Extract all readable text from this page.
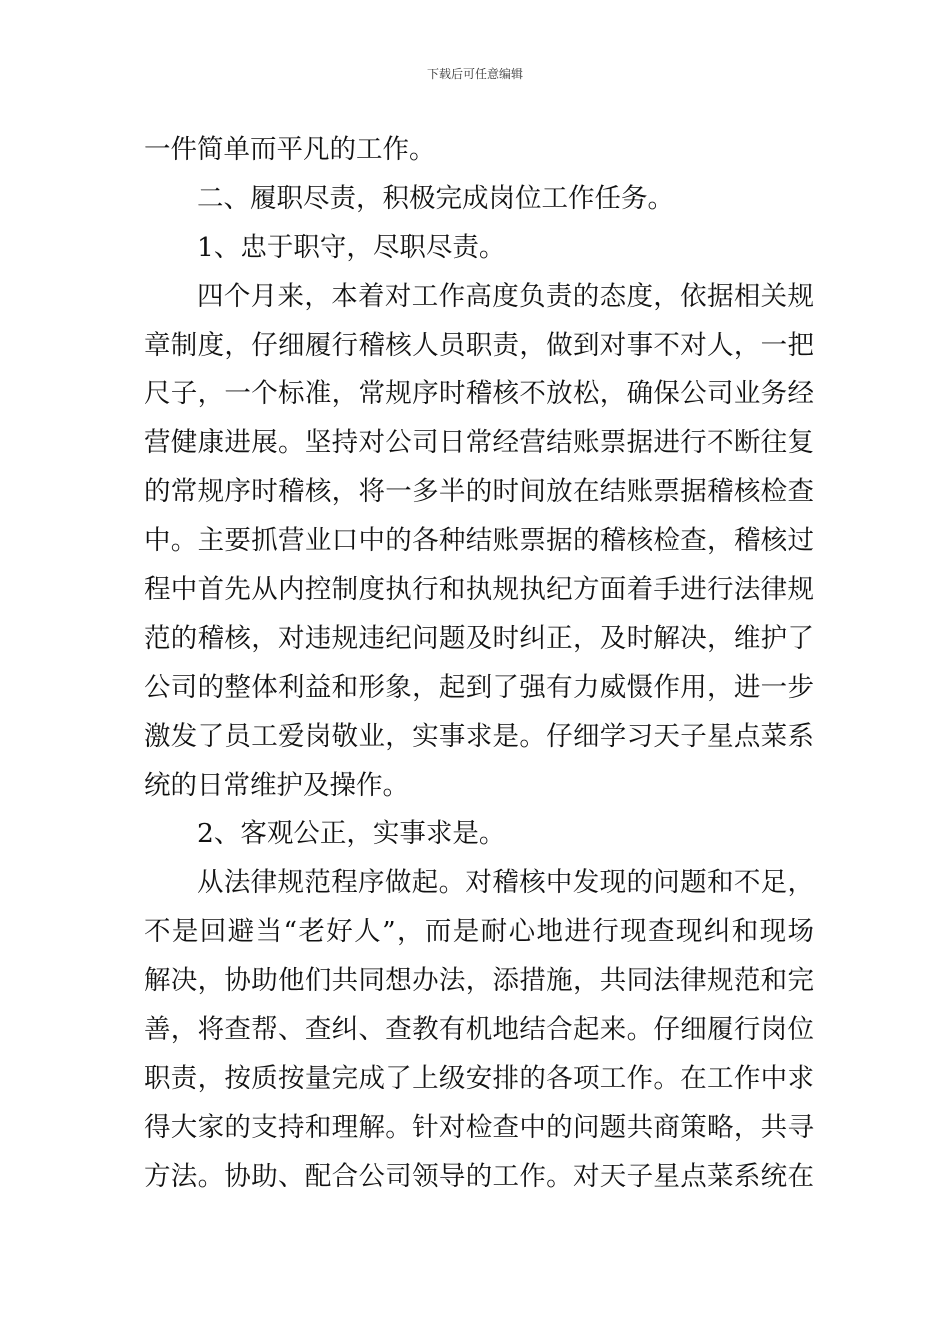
下载后可任意编辑
一件简单而平凡的工作。
二、履职尽责，积极完成岗位工作任务。
1、忠于职守，尽职尽责。
四个月来，本着对工作高度负责的态度，依据相关规
章制度，仔细履行稽核人员职责，做到对事不对人，一把
尺子，一个标准，常规序时稽核不放松，确保公司业务经
营健康进展。坚持对公司日常经营结账票据进行不断往复
的常规序时稽核，将一多半的时间放在结账票据稽核检查
中。主要抓营业口中的各种结账票据的稽核检查，稽核过
程中首先从内控制度执行和执规执纪方面着手进行法律规
范的稽核，对违规违纪问题及时纠正，及时解决，维护了
公司的整体利益和形象，起到了强有力威慑作用，进一步
激发了员工爱岗敬业，实事求是。仔细学习天子星点菜系
统的日常维护及操作。
2、客观公正，实事求是。
从法律规范程序做起。对稽核中发现的问题和不足，
不是回避当“老好人”，而是耐心地进行现查现纠和现场
解决，协助他们共同想办法，添措施，共同法律规范和完
善，将查帮、查纠、查教有机地结合起来。仔细履行岗位
职责，按质按量完成了上级安排的各项工作。在工作中求
得大家的支持和理解。针对检查中的问题共商策略，共寻
方法。协助、配合公司领导的工作。对天子星点菜系统在
